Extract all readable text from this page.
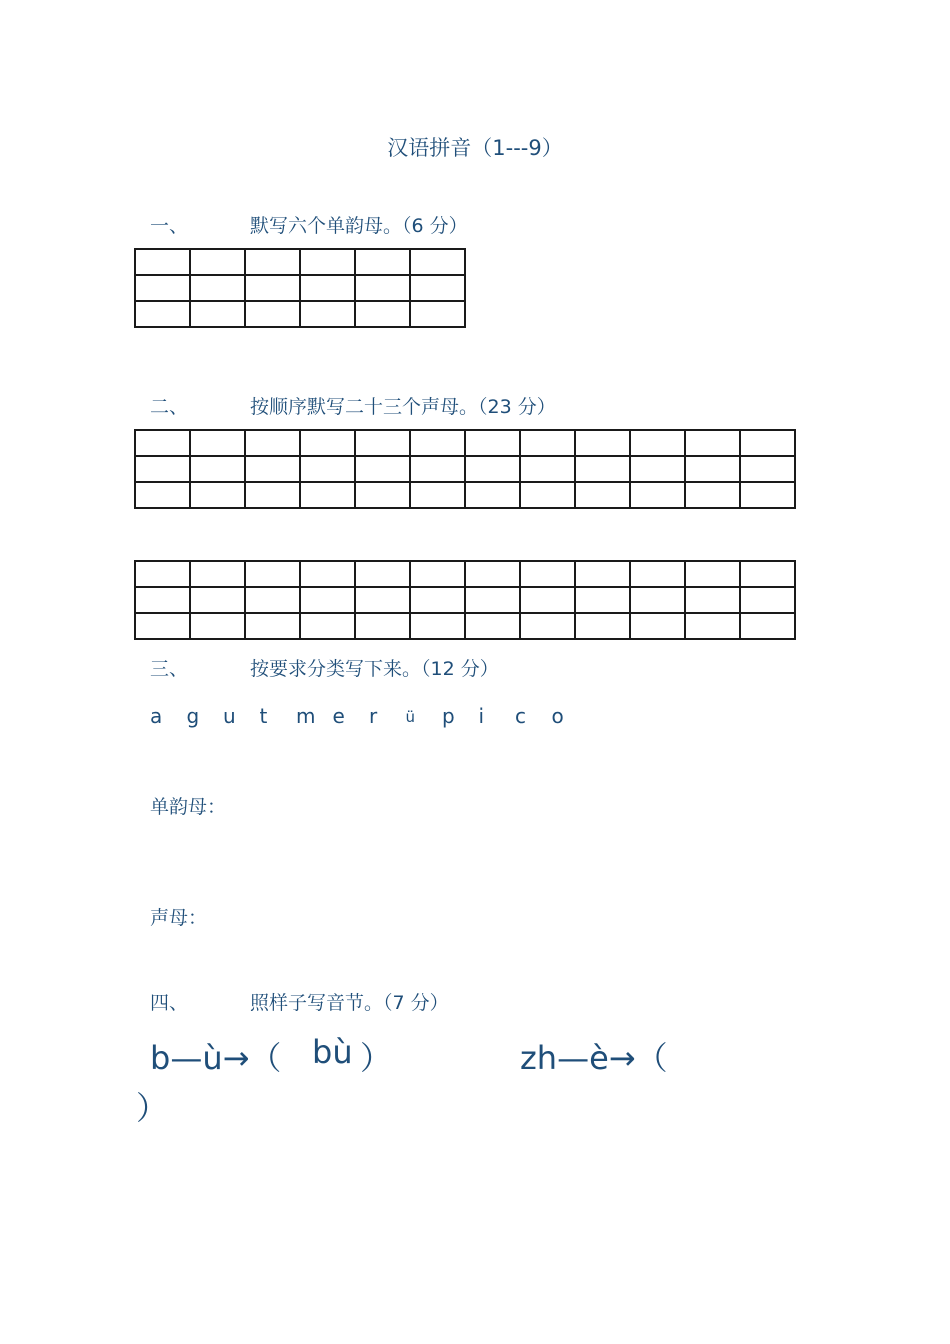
汉语拼音（1---9）
一、	默写六个单韵母。（6 分）

二、	按顺序默写二十三个声母。（23 分）

三、	按要求分类写下来。（12 分）
a	g	u	t	m e	r	ü	p	i	c	o
单韵母：
声母：
四、	照样子写音节。（7 分）
b—ù→（ bù ）	zh—è→（
）
